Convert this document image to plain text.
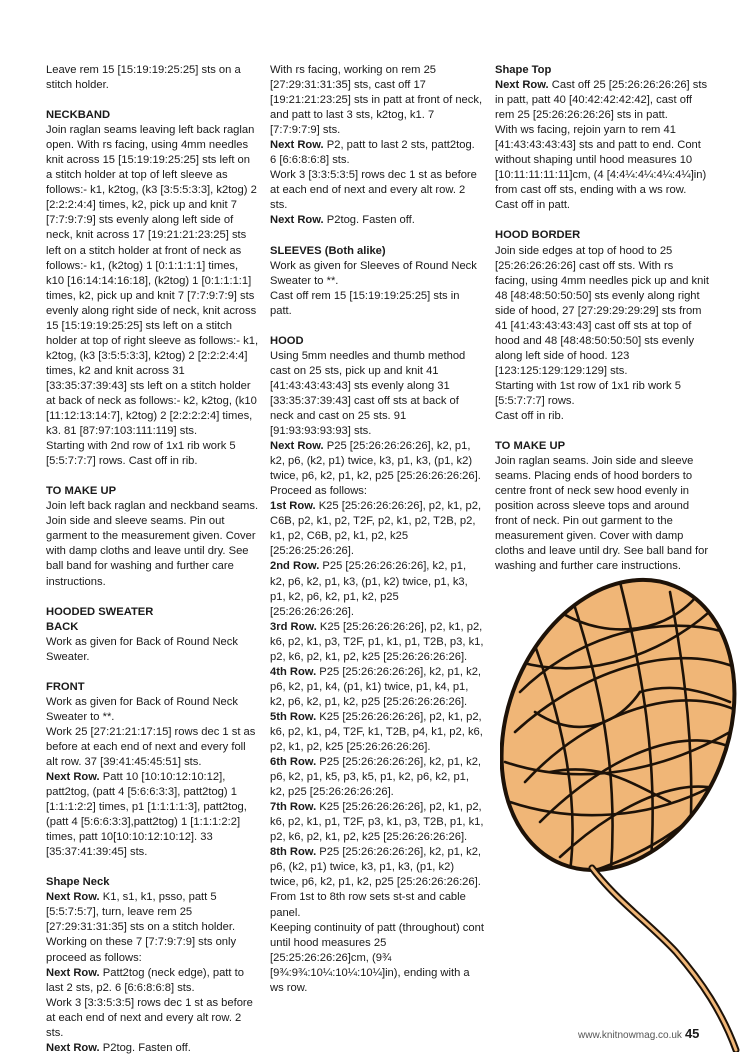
Leave rem 15 [15:19:19:25:25] sts on a stitch holder.

NECKBAND

Join raglan seams leaving left back raglan open. With rs facing, using 4mm needles knit across 15 [15:19:19:25:25] sts left on a stitch holder at top of left sleeve as follows:- k1, k2tog, (k3 [3:5:5:3:3], k2tog) 2 [2:2:2:4:4] times, k2, pick up and knit 7 [7:7:9:7:9] sts evenly along left side of neck, knit across 17 [19:21:21:23:25] sts left on a stitch holder at front of neck as follows:- k1, (k2tog) 1 [0:1:1:1:1] times, k10 [16:14:14:16:18], (k2tog) 1 [0:1:1:1:1] times, k2, pick up and knit 7 [7:7:9:7:9] sts evenly along right side of neck, knit across 15 [15:19:19:25:25] sts left on a stitch holder at top of right sleeve as follows:- k1, k2tog, (k3 [3:5:5:3:3], k2tog) 2 [2:2:2:4:4] times, k2 and knit across 31 [33:35:37:39:43] sts left on a stitch holder at back of neck as follows:- k2, k2tog, (k10 [11:12:13:14:7], k2tog) 2 [2:2:2:2:4] times, k3. 81 [87:97:103:111:119] sts.

Starting with 2nd row of 1x1 rib work 5 [5:5:7:7:7] rows. Cast off in rib.

TO MAKE UP

Join left back raglan and neckband seams. Join side and sleeve seams. Pin out garment to the measurement given. Cover with damp cloths and leave until dry. See ball band for washing and further care instructions.

HOODED SWEATER
BACK

Work as given for Back of Round Neck Sweater.

FRONT

Work as given for Back of Round Neck Sweater to **.

Work 25 [27:21:21:17:15] rows dec 1 st as before at each end of next and every foll alt row. 37 [39:41:45:45:51] sts.

Next Row. Patt 10 [10:10:12:10:12], patt2tog, (patt 4 [5:6:6:3:3], patt2tog) 1 [1:1:1:2:2] times, p1 [1:1:1:1:3], patt2tog, (patt 4 [5:6:6:3:3],patt2tog) 1 [1:1:1:2:2] times, patt 10[10:10:12:10:12]. 33 [35:37:41:39:45] sts.

Shape Neck

Next Row. K1, s1, k1, psso, patt 5 [5:5:7:5:7], turn, leave rem 25 [27:29:31:31:35] sts on a stitch holder.

Working on these 7 [7:7:9:7:9] sts only proceed as follows:

Next Row. Patt2tog (neck edge), patt to last 2 sts, p2. 6 [6:6:8:6:8] sts.

Work 3 [3:3:5:3:5] rows dec 1 st as before at each end of next and every alt row. 2 sts.

Next Row. P2tog. Fasten off.

With rs facing, working on rem 25 [27:29:31:31:35] sts, cast off 17 [19:21:21:23:25] sts in patt at front of neck, and patt to last 3 sts, k2tog, k1. 7 [7:7:9:7:9] sts.

Next Row. P2, patt to last 2 sts, patt2tog. 6 [6:6:8:6:8] sts.

Work 3 [3:3:5:3:5] rows dec 1 st as before at each end of next and every alt row. 2 sts.

Next Row. P2tog. Fasten off.

SLEEVES (Both alike)

Work as given for Sleeves of Round Neck Sweater to **.

Cast off rem 15 [15:19:19:25:25] sts in patt.

HOOD

Using 5mm needles and thumb method cast on 25 sts, pick up and knit 41 [41:43:43:43:43] sts evenly along 31 [33:35:37:39:43] cast off sts at back of neck and cast on 25 sts. 91 [91:93:93:93:93] sts.

Next Row. P25 [25:26:26:26:26], k2, p1, k2, p6, (k2, p1) twice, k3, p1, k3, (p1, k2) twice, p6, k2, p1, k2, p25 [25:26:26:26:26].

Proceed as follows:

1st Row. K25 [25:26:26:26:26], p2, k1, p2, C6B, p2, k1, p2, T2F, p2, k1, p2, T2B, p2, k1, p2, C6B, p2, k1, p2, k25 [25:26:25:26:26].

2nd Row. P25 [25:26:26:26:26], k2, p1, k2, p6, k2, p1, k3, (p1, k2) twice, p1, k3, p1, k2, p6, k2, p1, k2, p25 [25:26:26:26:26].

3rd Row. K25 [25:26:26:26:26], p2, k1, p2, k6, p2, k1, p3, T2F, p1, k1, p1, T2B, p3, k1, p2, k6, p2, k1, p2, k25 [25:26:26:26:26].

4th Row. P25 [25:26:26:26:26], k2, p1, k2, p6, k2, p1, k4, (p1, k1) twice, p1, k4, p1, k2, p6, k2, p1, k2, p25 [25:26:26:26:26].

5th Row. K25 [25:26:26:26:26], p2, k1, p2, k6, p2, k1, p4, T2F, k1, T2B, p4, k1, p2, k6, p2, k1, p2, k25 [25:26:26:26:26].

6th Row. P25 [25:26:26:26:26], k2, p1, k2, p6, k2, p1, k5, p3, k5, p1, k2, p6, k2, p1, k2, p25 [25:26:26:26:26].

7th Row. K25 [25:26:26:26:26], p2, k1, p2, k6, p2, k1, p1, T2F, p3, k1, p3, T2B, p1, k1, p2, k6, p2, k1, p2, k25 [25:26:26:26:26].

8th Row. P25 [25:26:26:26:26], k2, p1, k2, p6, (k2, p1) twice, k3, p1, k3, (p1, k2) twice, p6, k2, p1, k2, p25 [25:26:26:26:26].

From 1st to 8th row sets st-st and cable panel.

Keeping continuity of patt (throughout) cont until hood measures 25 [25:25:26:26:26]cm, (9¾ [9¾:9¾:10¼:10¼:10¼]in), ending with a ws row.

Shape Top

Next Row. Cast off 25 [25:26:26:26:26] sts in patt, patt 40 [40:42:42:42:42], cast off rem 25 [25:26:26:26:26] sts in patt.

With ws facing, rejoin yarn to rem 41 [41:43:43:43:43] sts and patt to end. Cont without shaping until hood measures 10 [10:11:11:11:11]cm, (4 [4:4¼:4¼:4¼:4¼]in) from cast off sts, ending with a ws row.

Cast off in patt.

HOOD BORDER

Join side edges at top of hood to 25 [25:26:26:26:26] cast off sts. With rs facing, using 4mm needles pick up and knit 48 [48:48:50:50:50] sts evenly along right side of hood, 27 [27:29:29:29:29] sts from 41 [41:43:43:43:43] cast off sts at top of hood and 48 [48:48:50:50:50] sts evenly along left side of hood. 123 [123:125:129:129:129] sts.

Starting with 1st row of 1x1 rib work 5 [5:5:7:7:7] rows.

Cast off in rib.

TO MAKE UP

Join raglan seams. Join side and sleeve seams. Placing ends of hood borders to centre front of neck sew hood evenly in position across sleeve tops and around front of neck. Pin out garment to the measurement given. Cover with damp cloths and leave until dry. See ball band for washing and further care instructions.

www.knitnowmag.co.uk 45
